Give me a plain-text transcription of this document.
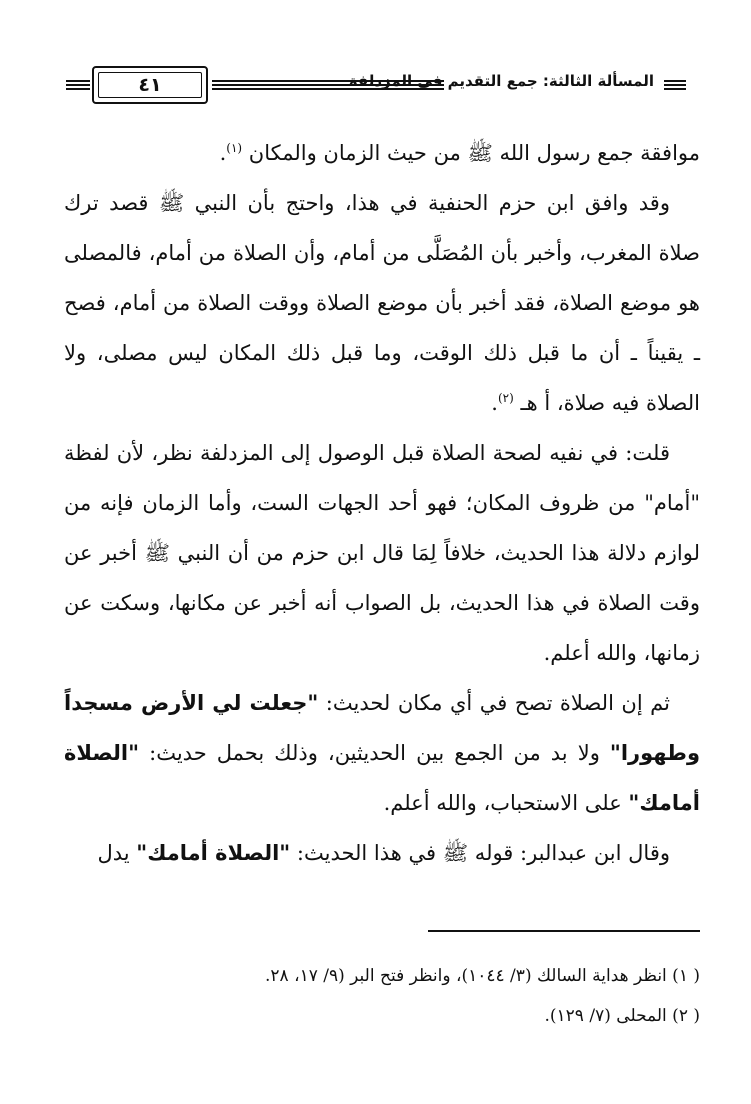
٤١	المسألة الثالثة: جمع التقديم في المزدلفة

موافقة جمع رسول الله ﷺ من حيث الزمان والمكان $^{(١)}$.

وقد وافق ابن حزم الحنفية في هذا، واحتج بأن النبي ﷺ قصد ترك صلاة المغرب، وأخبر بأن المُصَلَّى من أمام، وأن الصلاة من أمام، فالمصلى هو موضع الصلاة، فقد أخبر بأن موضع الصلاة ووقت الصلاة من أمام، فصح ـ يقيناً ـ أن ما قبل ذلك الوقت، وما قبل ذلك المكان ليس مصلى، ولا الصلاة فيه صلاة، أ هـ $^{(٢)}$.

قلت: في نفيه لصحة الصلاة قبل الوصول إلى المزدلفة نظر، لأن لفظة "أمام" من ظروف المكان؛ فهو أحد الجهات الست، وأما الزمان فإنه من لوازم دلالة هذا الحديث، خلافاً لِمَا قال ابن حزم من أن النبي ﷺ أخبر عن وقت الصلاة في هذا الحديث، بل الصواب أنه أخبر عن مكانها، وسكت عن زمانها، والله أعلم.

ثم إن الصلاة تصح في أي مكان لحديث: "جعلت لي الأرض مسجداً وطهورا" ولا بد من الجمع بين الحديثين، وذلك بحمل حديث: "الصلاة أمامك" على الاستحباب، والله أعلم.

وقال ابن عبدالبر: قوله ﷺ في هذا الحديث: "الصلاة أمامك" يدل

( ١) انظر هداية السالك (٣/ ١٠٤٤)، وانظر فتح البر (٩/ ١٧، ٢٨.

( ٢) المحلى (٧/ ١٢٩).
